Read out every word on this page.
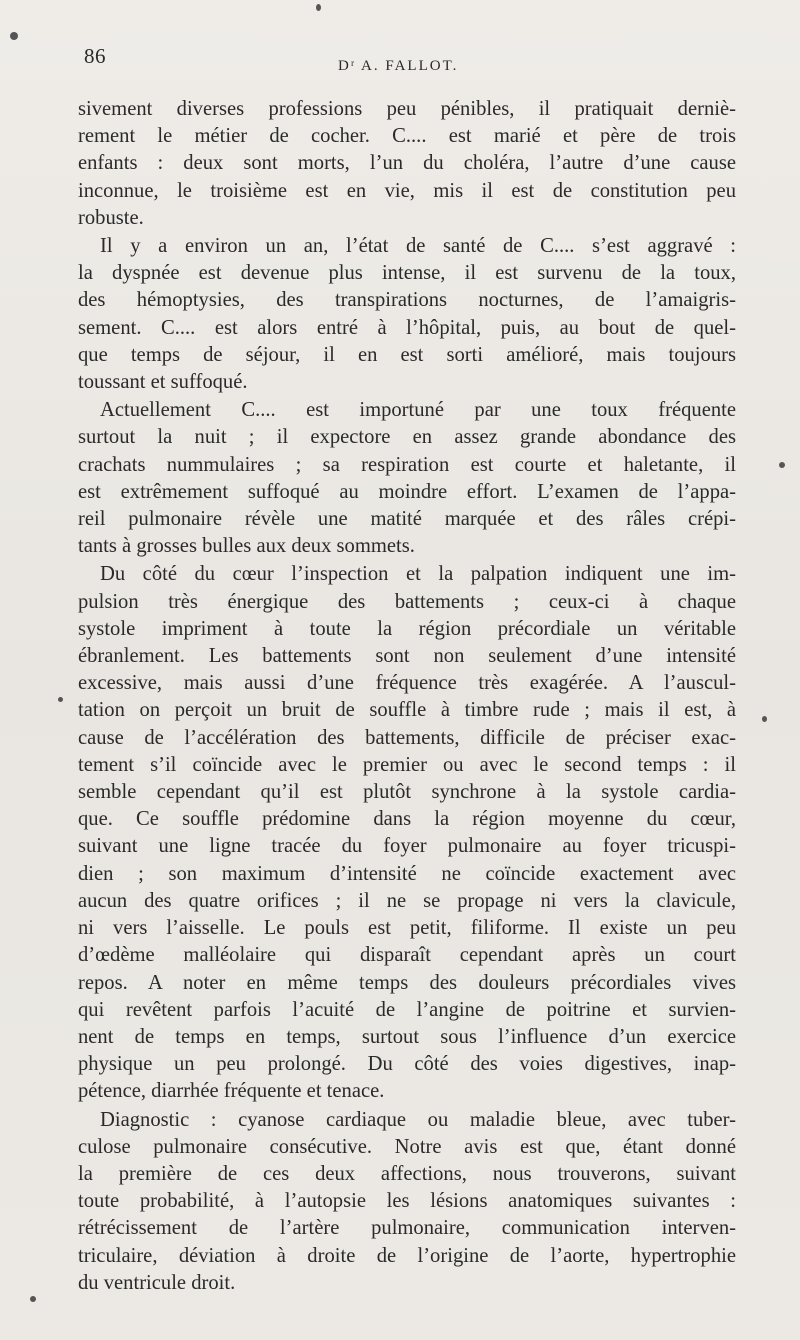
86	Dʳ A. FALLOT.

sivement diverses professions peu pénibles, il pratiquait derniè-
rement le métier de cocher. C.... est marié et père de trois
enfants : deux sont morts, l’un du choléra, l’autre d’une cause
inconnue, le troisième est en vie, mis il est de constitution peu
robuste.

Il y a environ un an, l’état de santé de C.... s’est aggravé :
la dyspnée est devenue plus intense, il est survenu de la toux,
des hémoptysies, des transpirations nocturnes, de l’amaigris-
sement. C.... est alors entré à l’hôpital, puis, au bout de quel-
que temps de séjour, il en est sorti amélioré, mais toujours
toussant et suffoqué.

Actuellement C.... est importuné par une toux fréquente
surtout la nuit ; il expectore en assez grande abondance des
crachats nummulaires ; sa respiration est courte et haletante, il
est extrêmement suffoqué au moindre effort. L’examen de l’appa-
reil pulmonaire révèle une matité marquée et des râles crépi-
tants à grosses bulles aux deux sommets.

Du côté du cœur l’inspection et la palpation indiquent une im-
pulsion très énergique des battements ; ceux-ci à chaque
systole impriment à toute la région précordiale un véritable
ébranlement. Les battements sont non seulement d’une intensité
excessive, mais aussi d’une fréquence très exagérée. A l’auscul-
tation on perçoit un bruit de souffle à timbre rude ; mais il est, à
cause de l’accélération des battements, difficile de préciser exac-
tement s’il coïncide avec le premier ou avec le second temps : il
semble cependant qu’il est plutôt synchrone à la systole cardia-
que. Ce souffle prédomine dans la région moyenne du cœur,
suivant une ligne tracée du foyer pulmonaire au foyer tricuspi-
dien ; son maximum d’intensité ne coïncide exactement avec
aucun des quatre orifices ; il ne se propage ni vers la clavicule,
ni vers l’aisselle. Le pouls est petit, filiforme. Il existe un peu
d’œdème malléolaire qui disparaît cependant après un court
repos. A noter en même temps des douleurs précordiales vives
qui revêtent parfois l’acuité de l’angine de poitrine et survien-
nent de temps en temps, surtout sous l’influence d’un exercice
physique un peu prolongé. Du côté des voies digestives, inap-
pétence, diarrhée fréquente et tenace.

Diagnostic : cyanose cardiaque ou maladie bleue, avec tuber-
culose pulmonaire consécutive. Notre avis est que, étant donné
la première de ces deux affections, nous trouverons, suivant
toute probabilité, à l’autopsie les lésions anatomiques suivantes :
rétrécissement de l’artère pulmonaire, communication interven-
triculaire, déviation à droite de l’origine de l’aorte, hypertrophie
du ventricule droit.
